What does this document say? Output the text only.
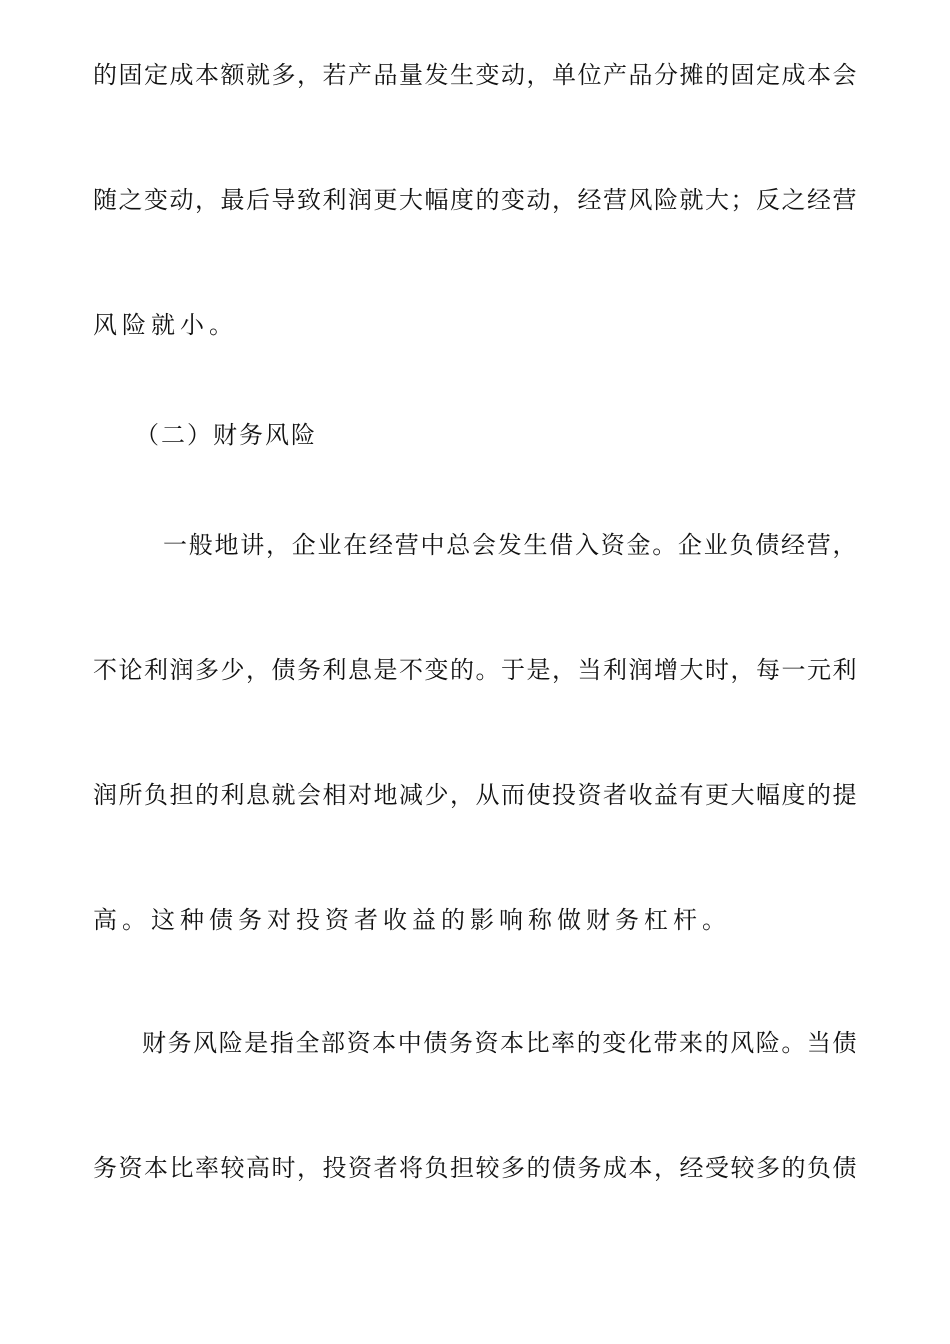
的固定成本额就多，若产品量发生变动，单位产品分摊的固定成本会
随之变动，最后导致利润更大幅度的变动，经营风险就大；反之经营
风险就小。
（二）财务风险
一般地讲，企业在经营中总会发生借入资金。企业负债经营，
不论利润多少，债务利息是不变的。于是，当利润增大时，每一元利
润所负担的利息就会相对地减少，从而使投资者收益有更大幅度的提
高。这种债务对投资者收益的影响称做财务杠杆。
财务风险是指全部资本中债务资本比率的变化带来的风险。当债
务资本比率较高时，投资者将负担较多的债务成本，经受较多的负债
